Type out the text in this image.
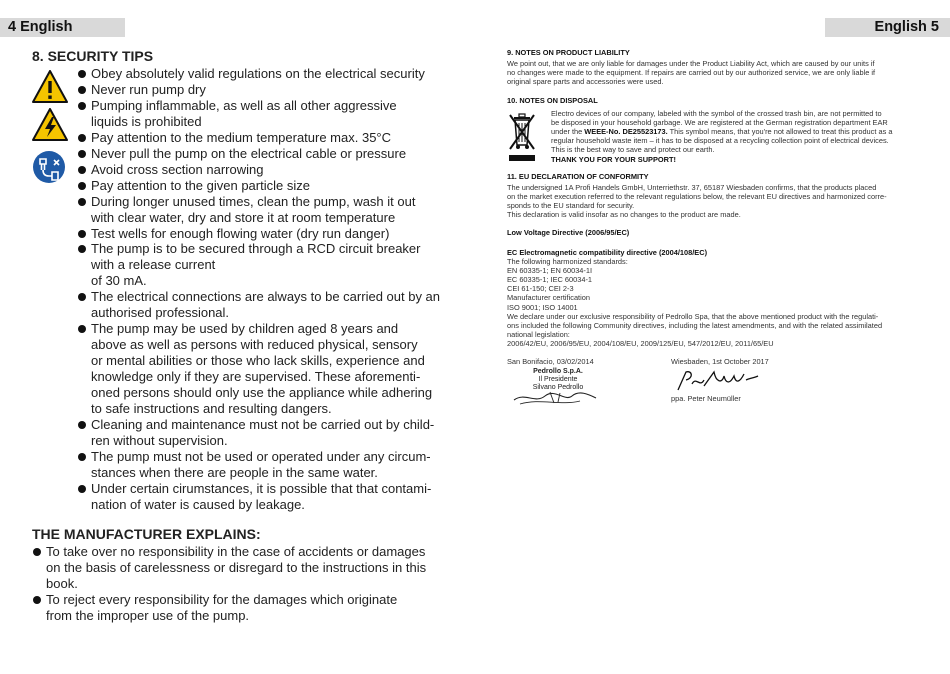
4 English
8. SECURITY TIPS
Obey absolutely valid regulations on the electrical security
Never run pump dry
Pumping inflammable, as well as all other aggressive
liquids is prohibited
Pay attention to the medium temperature max. 35°C
Never pull the pump on the electrical cable or pressure
Avoid cross section narrowing
Pay attention to the given particle size
During longer unused times, clean the pump, wash it out
with clear water, dry and store it at room temperature
Test wells for enough flowing water (dry run danger)
The pump is to be secured through a RCD circuit breaker
with a release current
of 30 mA.
The electrical connections are always to be carried out by an
authorised professional.
The pump may be used by children aged 8 years and
above as well as persons with reduced physical, sensory
or mental abilities or those who lack skills, experience and
knowledge only if they are supervised. These aforementi-
oned persons should only use the appliance while adhering
to safe instructions and resulting dangers.
Cleaning and maintenance must not be carried out by child-
ren without supervision.
The pump must not be used or operated under any circum-
stances when there are people in the same water.
Under certain cirumstances, it is possible that that contami-
nation of water is caused by leakage.
THE MANUFACTURER EXPLAINS:
To take over no responsibility in the case of accidents or damages
on the basis of carelessness or disregard to the instructions in this
book.
To reject every responsibility for the damages which originate
from the improper use of the pump.
English 5
9. NOTES ON PRODUCT LIABILITY
We point out, that we are only liable for damages under the Product Liability Act, which are caused by our units if
no changes were made to the equipment. If repairs are carried out by our authorized service, we are only liable if
original spare parts and accessories were used.
10. NOTES ON DISPOSAL
Electro devices of our company, labeled with the symbol of the crossed trash bin, are not permitted to
be disposed in your household garbage. We are registered at the German registration department EAR
under the WEEE-No. DE25523173. This symbol means, that you're not allowed to treat this product as a
regular household waste item – it has to be disposed at a recycling collection point of electrical devices.
This is the best way to save and protect our earth.
THANK YOU FOR YOUR SUPPORT!
11. EU DECLARATION OF CONFORMITY
The undersigned 1A Profi Handels GmbH, Unterriethstr. 37, 65187 Wiesbaden confirms, that the products placed
on the market execution referred to the relevant regulations below, the relevant EU directives and harmonized corre-
sponds to the EU standard for security.
This declaration is valid insofar as no changes to the product are made.
Low Voltage Directive (2006/95/EC)
EC Electromagnetic compatibility directive (2004/108/EC)
The following harmonized standards:
EN 60335-1; EN 60034-1I
EC 60335-1; IEC 60034-1
CEI 61-150; CEI 2-3
Manufacturer certification
ISO 9001; ISO 14001
We declare under our exclusive responsibility of Pedrollo Spa, that the above mentioned product with the regulati-
ons included the following Community directives, including the latest amendments, and with the related assimilated
national legislation:
2006/42/EU, 2006/95/EU, 2004/108/EU, 2009/125/EU, 547/2012/EU, 2011/65/EU
San Bonifacio, 03/02/2014	Wiesbaden, 1st October 2017
Pedrollo S.p.A.
Il Presidente
Silvano Pedrollo
ppa. Peter Neumüller
